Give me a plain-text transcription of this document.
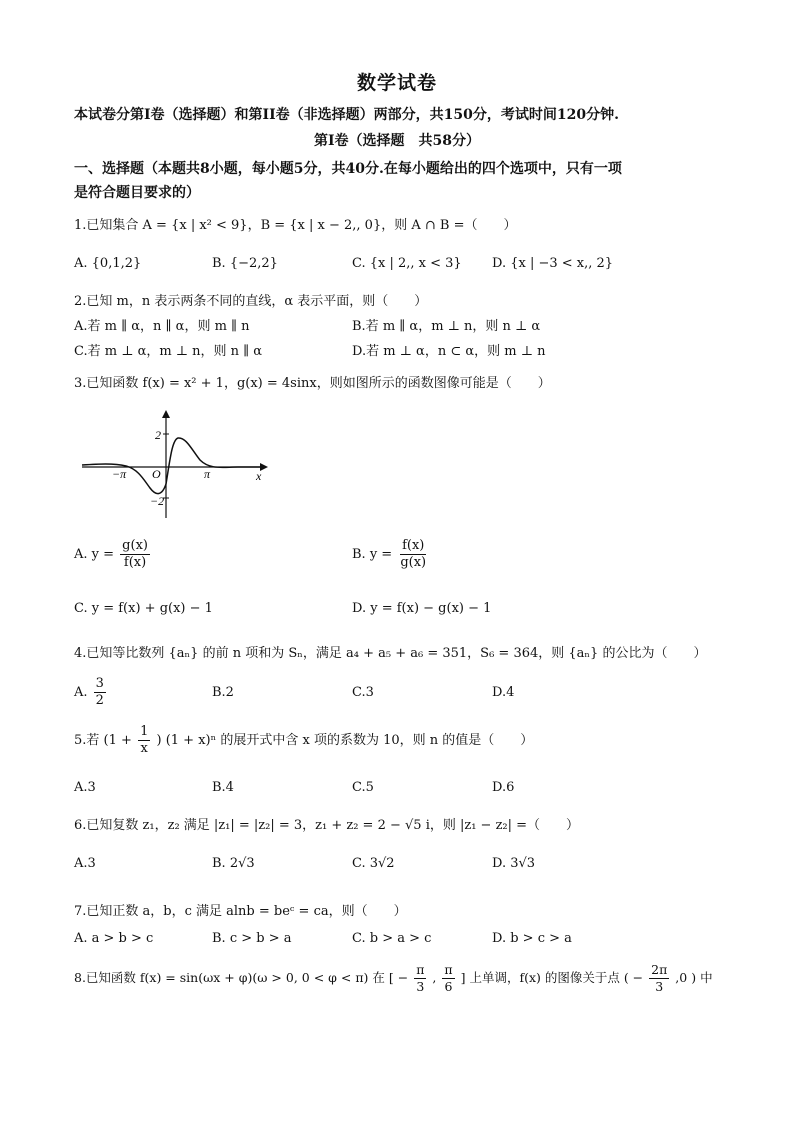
数学试卷
本试卷分第I卷（选择题）和第II卷（非选择题）两部分，共150分，考试时间120分钟.
第I卷（选择题　共58分）
一、选择题（本题共8小题，每小题5分，共40分.在每小题给出的四个选项中，只有一项
是符合题目要求的）
1.已知集合 A = {x | x² < 9}，B = {x | x − 2,, 0}，则 A ∩ B =（　　）
A. {0,1,2}	B. {−2,2}	C. {x | 2,, x < 3} D. {x | −3 < x,, 2}
2.已知 m，n 表示两条不同的直线，α 表示平面，则（　　）
A.若 m ∥ α，n ∥ α，则 m ∥ n	B.若 m ∥ α，m ⊥ n，则 n ⊥ α
C.若 m ⊥ α，m ⊥ n，则 n ∥ α	D.若 m ⊥ α，n ⊂ α，则 m ⊥ n
3.已知函数 f(x) = x² + 1，g(x) = 4sinx，则如图所示的函数图像可能是（　　）
2
−2
−π	π
O	x
A. $y = \frac{g(x)}{f(x)}$	B. $y = \frac{f(x)}{g(x)}$
C. y = f(x) + g(x) − 1	D. y = f(x) − g(x) − 1
4.已知等比数列 {aₙ} 的前 n 项和为 Sₙ，满足 a₄ + a₅ + a₆ = 351，S₆ = 364，则 {aₙ} 的公比为（　　）
A. $\frac{3}{2}$	B.2	C.3	D.4
5.若 ($1 + \frac{1}{x}$ ) (1 + x)ⁿ 的展开式中含 x 项的系数为 10，则 n 的值是（　　）
A.3	B.4	C.5	D.6
6.已知复数 z₁，z₂ 满足 |z₁| = |z₂| = 3，z₁ + z₂ = 2 − √5 i，则 |z₁ − z₂| =（　　）
A.3	B. 2√3	C. 3√2	D. 3√3
7.已知正数 a，b，c 满足 alnb = beᶜ = ca，则（　　）
A. a > b > c	B. c > b > a	C. b > a > c	D. b > c > a
8.已知函数 f(x) = sin(ωx + φ)(ω > 0, 0 < φ < π) 在 [ − $\frac{\pi}{3}$ , $\frac{\pi}{6}$ ] 上单调，f(x) 的图像关于点 ( − $\frac{2\pi}{3} ,0$ ) 中
